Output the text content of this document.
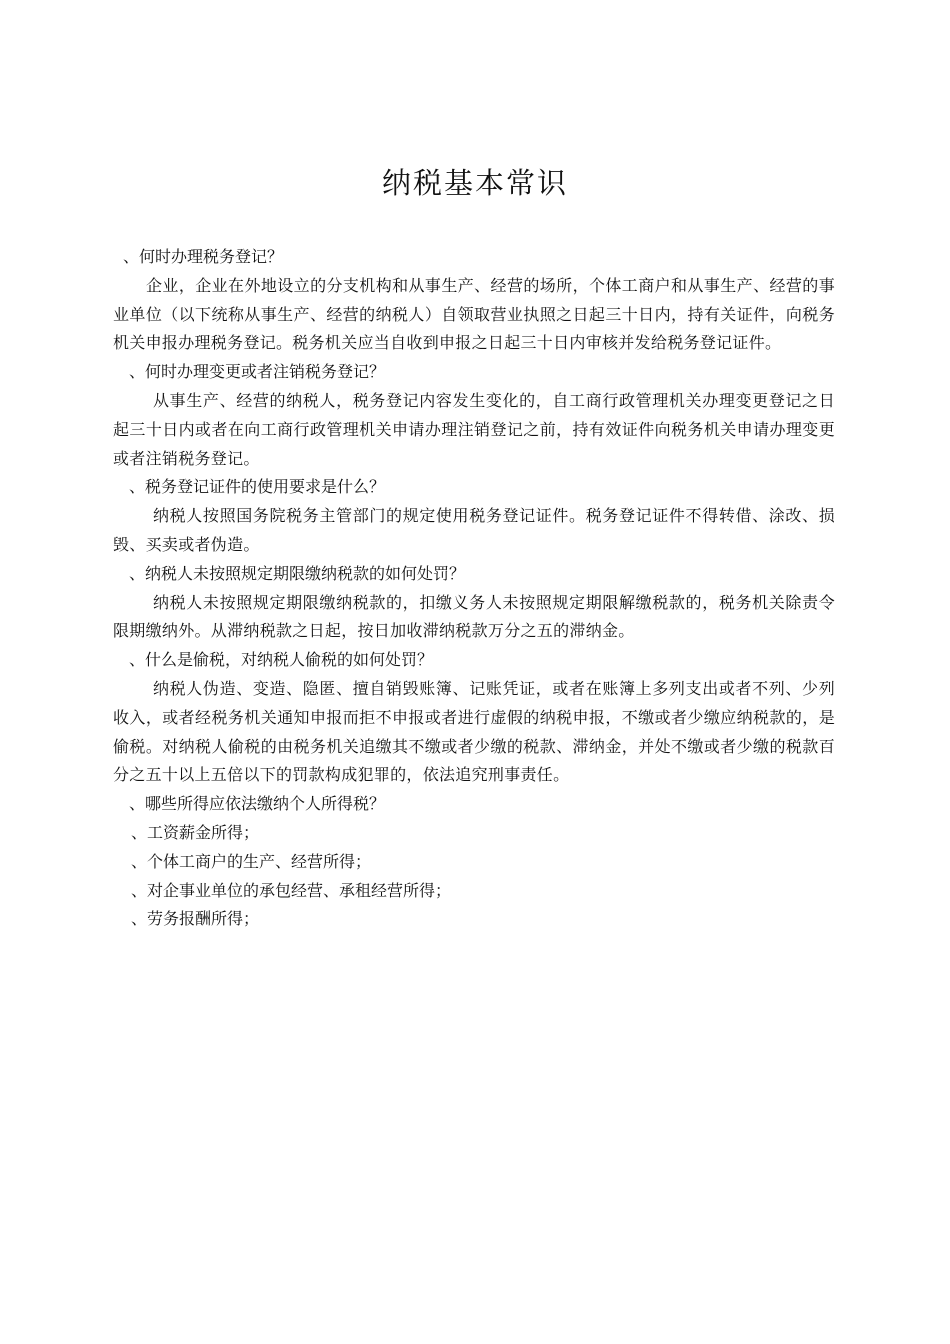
纳税基本常识

、何时办理税务登记？

企业，企业在外地设立的分支机构和从事生产、经营的场所，个体工商户和从事生产、经营的事业单位（以下统称从事生产、经营的纳税人）自领取营业执照之日起三十日内，持有关证件，向税务机关申报办理税务登记。税务机关应当自收到申报之日起三十日内审核并发给税务登记证件。

、何时办理变更或者注销税务登记？

从事生产、经营的纳税人，税务登记内容发生变化的，自工商行政管理机关办理变更登记之日起三十日内或者在向工商行政管理机关申请办理注销登记之前，持有效证件向税务机关申请办理变更或者注销税务登记。

、税务登记证件的使用要求是什么？

纳税人按照国务院税务主管部门的规定使用税务登记证件。税务登记证件不得转借、涂改、损毁、买卖或者伪造。

、纳税人未按照规定期限缴纳税款的如何处罚？

纳税人未按照规定期限缴纳税款的，扣缴义务人未按照规定期限解缴税款的，税务机关除责令限期缴纳外。从滞纳税款之日起，按日加收滞纳税款万分之五的滞纳金。

、什么是偷税，对纳税人偷税的如何处罚？

纳税人伪造、变造、隐匿、擅自销毁账簿、记账凭证，或者在账簿上多列支出或者不列、少列收入，或者经税务机关通知申报而拒不申报或者进行虚假的纳税申报，不缴或者少缴应纳税款的，是偷税。对纳税人偷税的由税务机关追缴其不缴或者少缴的税款、滞纳金，并处不缴或者少缴的税款百分之五十以上五倍以下的罚款构成犯罪的，依法追究刑事责任。

、哪些所得应依法缴纳个人所得税？

、工资薪金所得；

、个体工商户的生产、经营所得；

、对企事业单位的承包经营、承租经营所得；

、劳务报酬所得；
